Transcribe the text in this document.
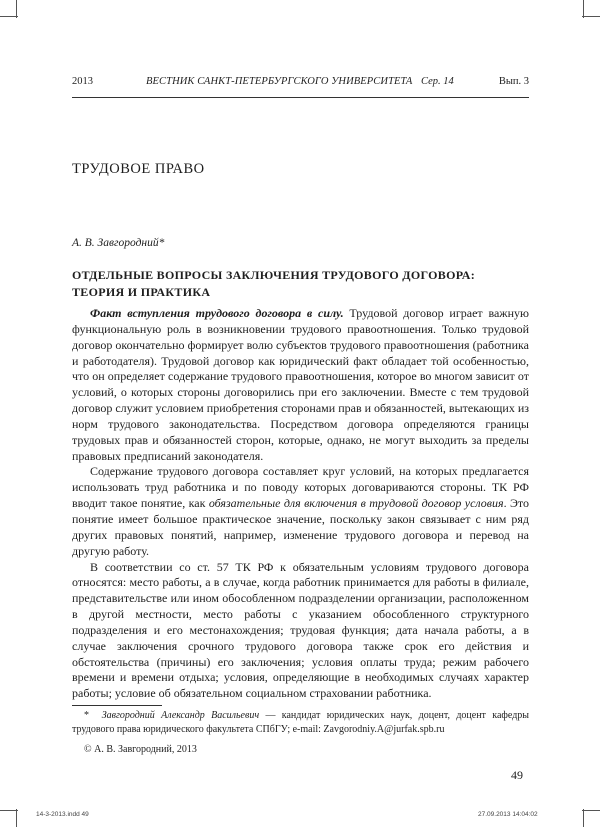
2013	ВЕСТНИК САНКТ-ПЕТЕРБУРГСКОГО УНИВЕРСИТЕТА Сер. 14	Вып. 3
ТРУДОВОЕ ПРАВО
А. В. Завгородний*
ОТДЕЛЬНЫЕ ВОПРОСЫ ЗАКЛЮЧЕНИЯ ТРУДОВОГО ДОГОВОРА: ТЕОРИЯ И ПРАКТИКА

Факт вступления трудового договора в силу. Трудовой договор играет важную функциональную роль в возникновении трудового правоотношения. Только трудовой договор окончательно формирует волю субъектов трудового правоотношения (работника и работодателя). Трудовой договор как юридический факт обладает той особенностью, что он определяет содержание трудового правоотношения, которое во многом зависит от условий, о которых стороны договорились при его заключении. Вместе с тем трудовой договор служит условием приобретения сторонами прав и обязанностей, вытекающих из норм трудового законодательства. Посредством договора определяются границы трудовых прав и обязанностей сторон, которые, однако, не могут выходить за пределы правовых предписаний законодателя.

Содержание трудового договора составляет круг условий, на которых предлагается использовать труд работника и по поводу которых договариваются стороны. ТК РФ вводит такое понятие, как обязательные для включения в трудовой договор условия. Это понятие имеет большое практическое значение, поскольку закон связывает с ним ряд других правовых понятий, например, изменение трудового договора и перевод на другую работу.

В соответствии со ст. 57 ТК РФ к обязательным условиям трудового договора относятся: место работы, а в случае, когда работник принимается для работы в филиале, представительстве или ином обособленном подразделении организации, расположенном в другой местности, место работы с указанием обособленного структурного подразделения и его местонахождения; трудовая функция; дата начала работы, а в случае заключения срочного трудового договора также срок его действия и обстоятельства (причины) его заключения; условия оплаты труда; режим рабочего времени и времени отдыха; условия, определяющие в необходимых случаях характер работы; условие об обязательном социальном страховании работника.

* Завгородний Александр Васильевич — кандидат юридических наук, доцент, доцент кафедры трудового права юридического факультета СПбГУ; e-mail: Zavgorodniy.A@jurfak.spb.ru

© А. В. Завгородний, 2013
49
14-3-2013.indd 49	27.09.2013 14:04:02
